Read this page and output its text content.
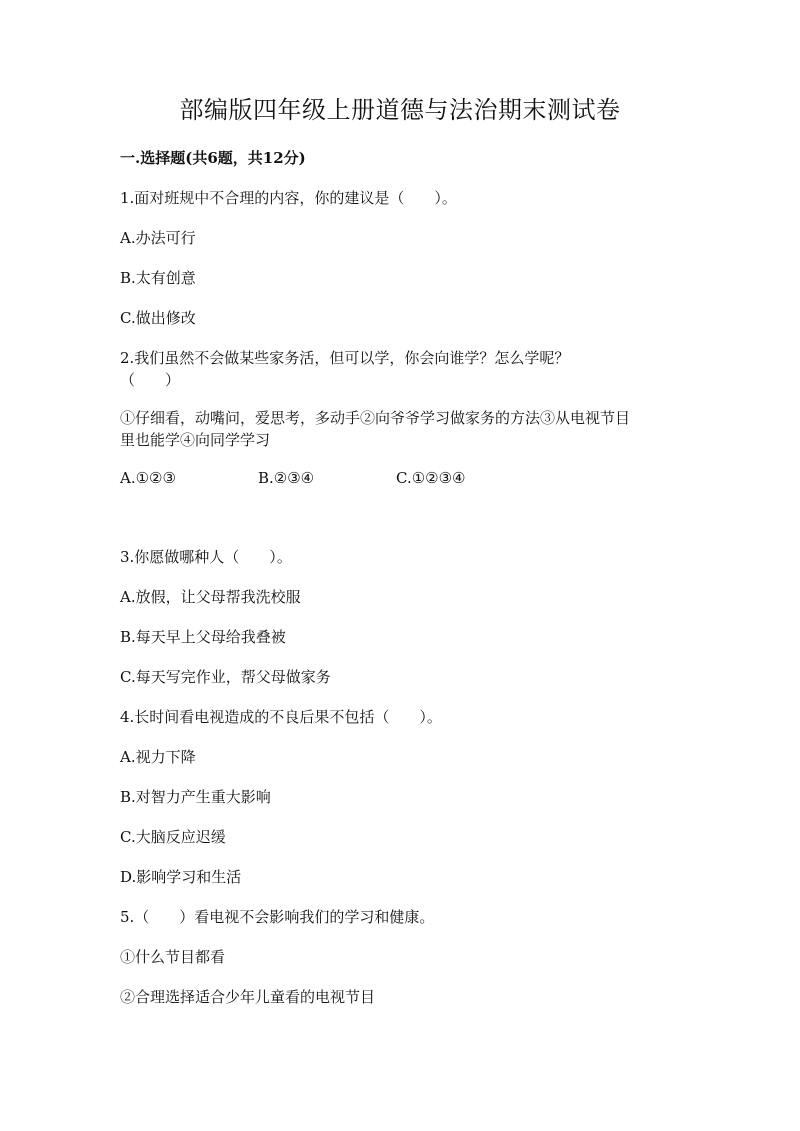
部编版四年级上册道德与法治期末测试卷

一.选择题(共6题，共12分)

1.面对班规中不合理的内容，你的建议是（　　）。

A.办法可行

B.太有创意

C.做出修改

2.我们虽然不会做某些家务活，但可以学，你会向谁学？怎么学呢？

（　　）

①仔细看，动嘴问，爱思考，多动手②向爷爷学习做家务的方法③从电视节目

里也能学④向同学学习

A.①②③	B.②③④	C.①②③④

3.你愿做哪种人（　　）。

A.放假，让父母帮我洗校服

B.每天早上父母给我叠被

C.每天写完作业，帮父母做家务

4.长时间看电视造成的不良后果不包括（　　）。

A.视力下降

B.对智力产生重大影响

C.大脑反应迟缓

D.影响学习和生活

5.（　　）看电视不会影响我们的学习和健康。

①什么节目都看

②合理选择适合少年儿童看的电视节目
